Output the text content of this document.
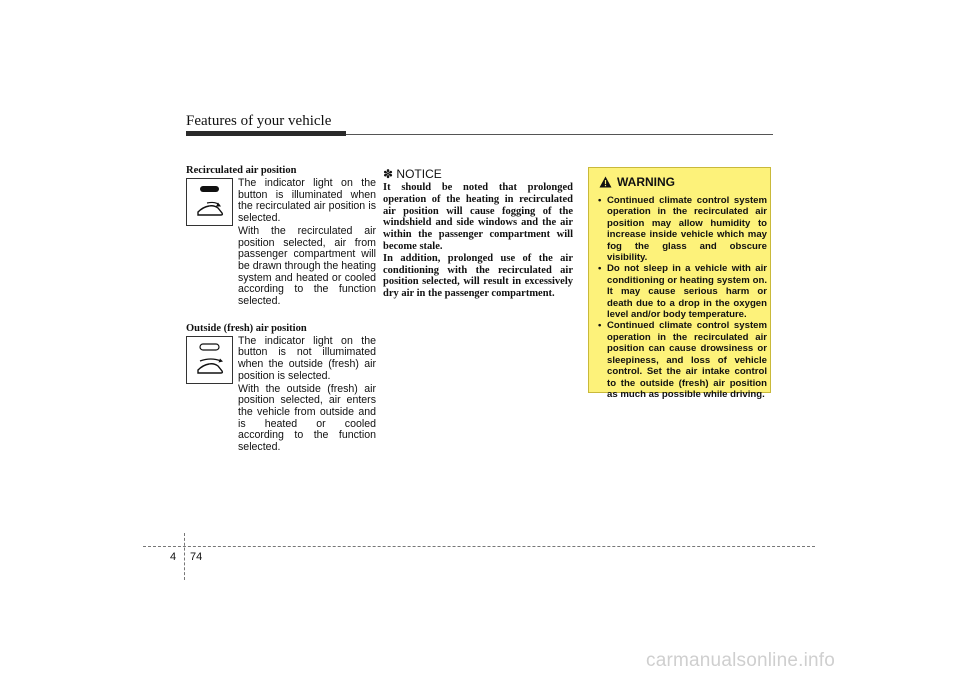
Features of your vehicle
Recirculated air position

The indicator light on the button is illuminated when the recirculated air position is selected.

With the recirculated air position selected, air from passenger compartment will be drawn through the heating system and heated or cooled according to the function selected.

Outside (fresh) air position

The indicator light on the button is not illumimated when the outside (fresh) air position is selected.

With the outside (fresh) air position selected, air enters the vehicle from outside and is heated or cooled according to the function selected.

✽ NOTICE

It should be noted that prolonged operation of the heating in recirculated air position will cause fogging of the windshield and side windows and the air within the passenger compartment will become stale.

In addition, prolonged use of the air conditioning with the recirculated air position selected, will result in excessively dry air in the passenger compartment.

WARNING
• Continued climate control system operation in the recirculated air position may allow humidity to increase inside vehicle which may fog the glass and obscure visibility.
• Do not sleep in a vehicle with air conditioning or heating system on. It may cause serious harm or death due to a drop in the oxygen level and/or body temperature.
• Continued climate control system operation in the recirculated air position can cause drowsiness or sleepiness, and loss of vehicle control. Set the air intake control to the outside (fresh) air position as much as possible while driving.
4 74
carmanualsonline.info
